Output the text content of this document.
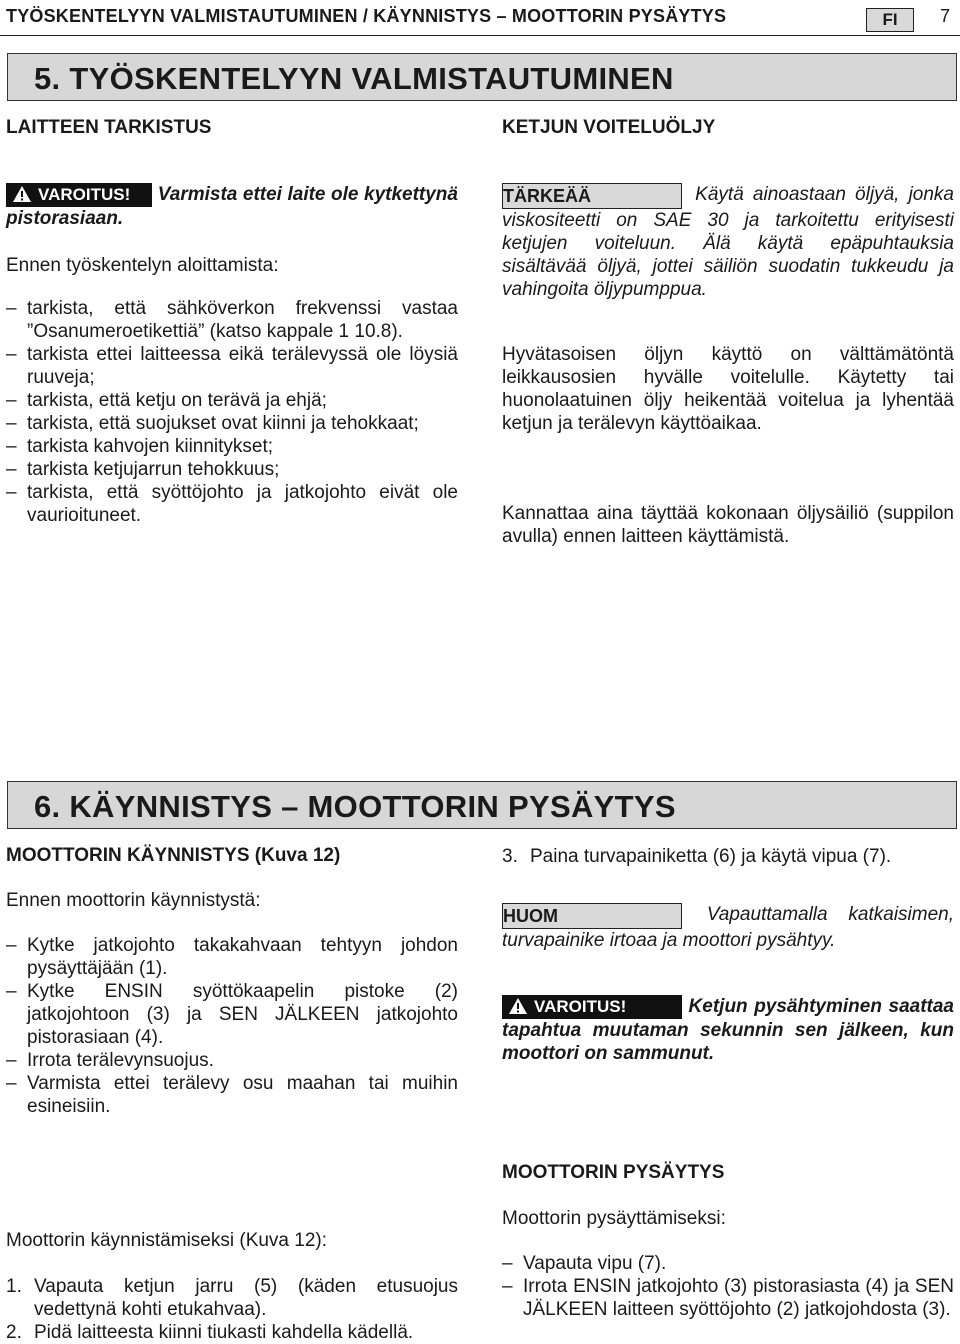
TYÖSKENTELYYN VALMISTAUTUMINEN / KÄYNNISTYS – MOOTTORIN PYSÄYTYS	FI	7
5. TYÖSKENTELYYN VALMISTAUTUMINEN
LAITTEEN TARKISTUS
VAROITUS! Varmista ettei laite ole kytkettynä pistorasiaan.
Ennen työskentelyn aloittamista:
– tarkista, että sähköverkon frekvenssi vastaa ”Osanumeroetikettiä” (katso kappale 1 10.8).
– tarkista ettei laitteessa eikä terälevyssä ole löysiä ruuveja;
– tarkista, että ketju on terävä ja ehjä;
– tarkista, että suojukset ovat kiinni ja tehokkaat;
– tarkista kahvojen kiinnitykset;
– tarkista ketjujarrun tehokkuus;
– tarkista, että syöttöjohto ja jatkojohto eivät ole vaurioituneet.
KETJUN VOITELUÖLJY
TÄRKEÄÄ	Käytä ainoastaan öljyä, jonka viskositeetti on SAE 30 ja tarkoitettu erityisesti ketjujen voiteluun. Älä käytä epäpuhtauksia sisältävää öljyä, jottei säiliön suodatin tukkeudu ja vahingoita öljypumppua.
Hyvätasoisen öljyn käyttö on välttämätöntä leikkausosien hyvälle voitelulle. Käytetty tai huonolaatuinen öljy heikentää voitelua ja lyhentää ketjun ja terälevyn käyttöaikaa.
Kannattaa aina täyttää kokonaan öljysäiliö (suppilon avulla) ennen laitteen käyttämistä.
6. KÄYNNISTYS – MOOTTORIN PYSÄYTYS
MOOTTORIN KÄYNNISTYS (Kuva 12)
Ennen moottorin käynnistystä:
– Kytke jatkojohto takakahvaan tehtyyn johdon pysäyttäjään (1).
– Kytke ENSIN syöttökaapelin pistoke (2) jatkojohtoon (3) ja SEN JÄLKEEN jatkojohto pistorasiaan (4).
– Irrota terälevynsuojus.
– Varmista ettei terälevy osu maahan tai muihin esineisiin.
Moottorin käynnistämiseksi (Kuva 12):
1. Vapauta ketjun jarru (5) (käden etusuojus vedettynä kohti etukahvaa).
2. Pidä laitteesta kiinni tiukasti kahdella kädellä.
3. Paina turvapainiketta (6) ja käytä vipua (7).
HUOM	Vapauttamalla katkaisimen, turvapainike irtoaa ja moottori pysähtyy.
VAROITUS!	Ketjun pysähtyminen saattaa tapahtua muutaman sekunnin sen jälkeen, kun moottori on sammunut.
MOOTTORIN PYSÄYTYS
Moottorin pysäyttämiseksi:
– Vapauta vipu (7).
– Irrota ENSIN jatkojohto (3) pistorasiasta (4) ja SEN JÄLKEEN laitteen syöttöjohto (2) jatkojohdosta (3).
